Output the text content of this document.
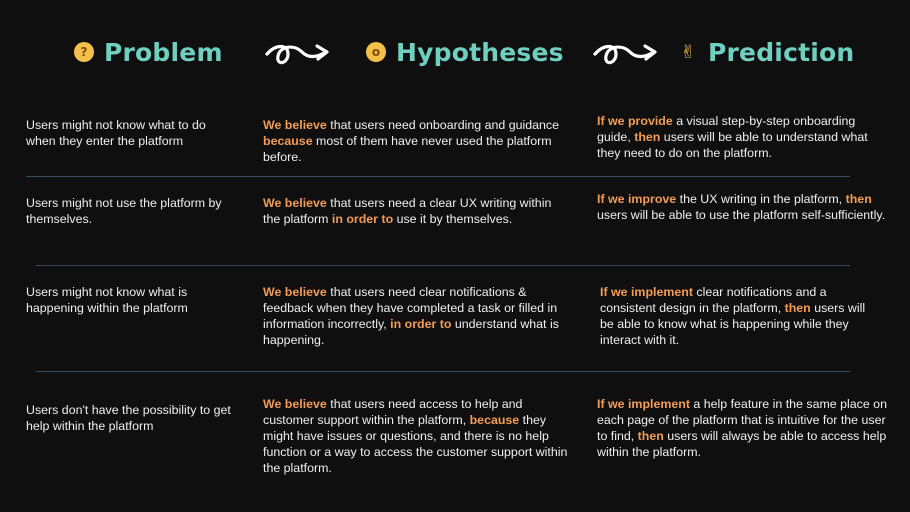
? Problem	o Hypotheses	✌ Prediction
Users might not know what to do when they enter the platform
We believe that users need onboarding and guidance because most of them have never used the platform before.
If we provide a visual step-by-step onboarding guide, then users will be able to understand what they need to do on the platform.
Users might not use the platform by themselves.
We believe that users need a clear UX writing within the platform in order to use it by themselves.
If we improve the UX writing in the platform, then users will be able to use the platform self-sufficiently.
Users might not know what is happening within the platform
We believe that users need clear notifications & feedback when they have completed a task or filled in information incorrectly, in order to understand what is happening.
If we implement clear notifications and a consistent design in the platform, then users will be able to know what is happening while they interact with it.
Users don't have the possibility to get help within the platform
We believe that users need access to help and customer support within the platform, because they might have issues or questions, and there is no help function or a way to access the customer support within the platform.
If we implement a help feature in the same place on each page of the platform that is intuitive for the user to find, then users will always be able to access help within the platform.
